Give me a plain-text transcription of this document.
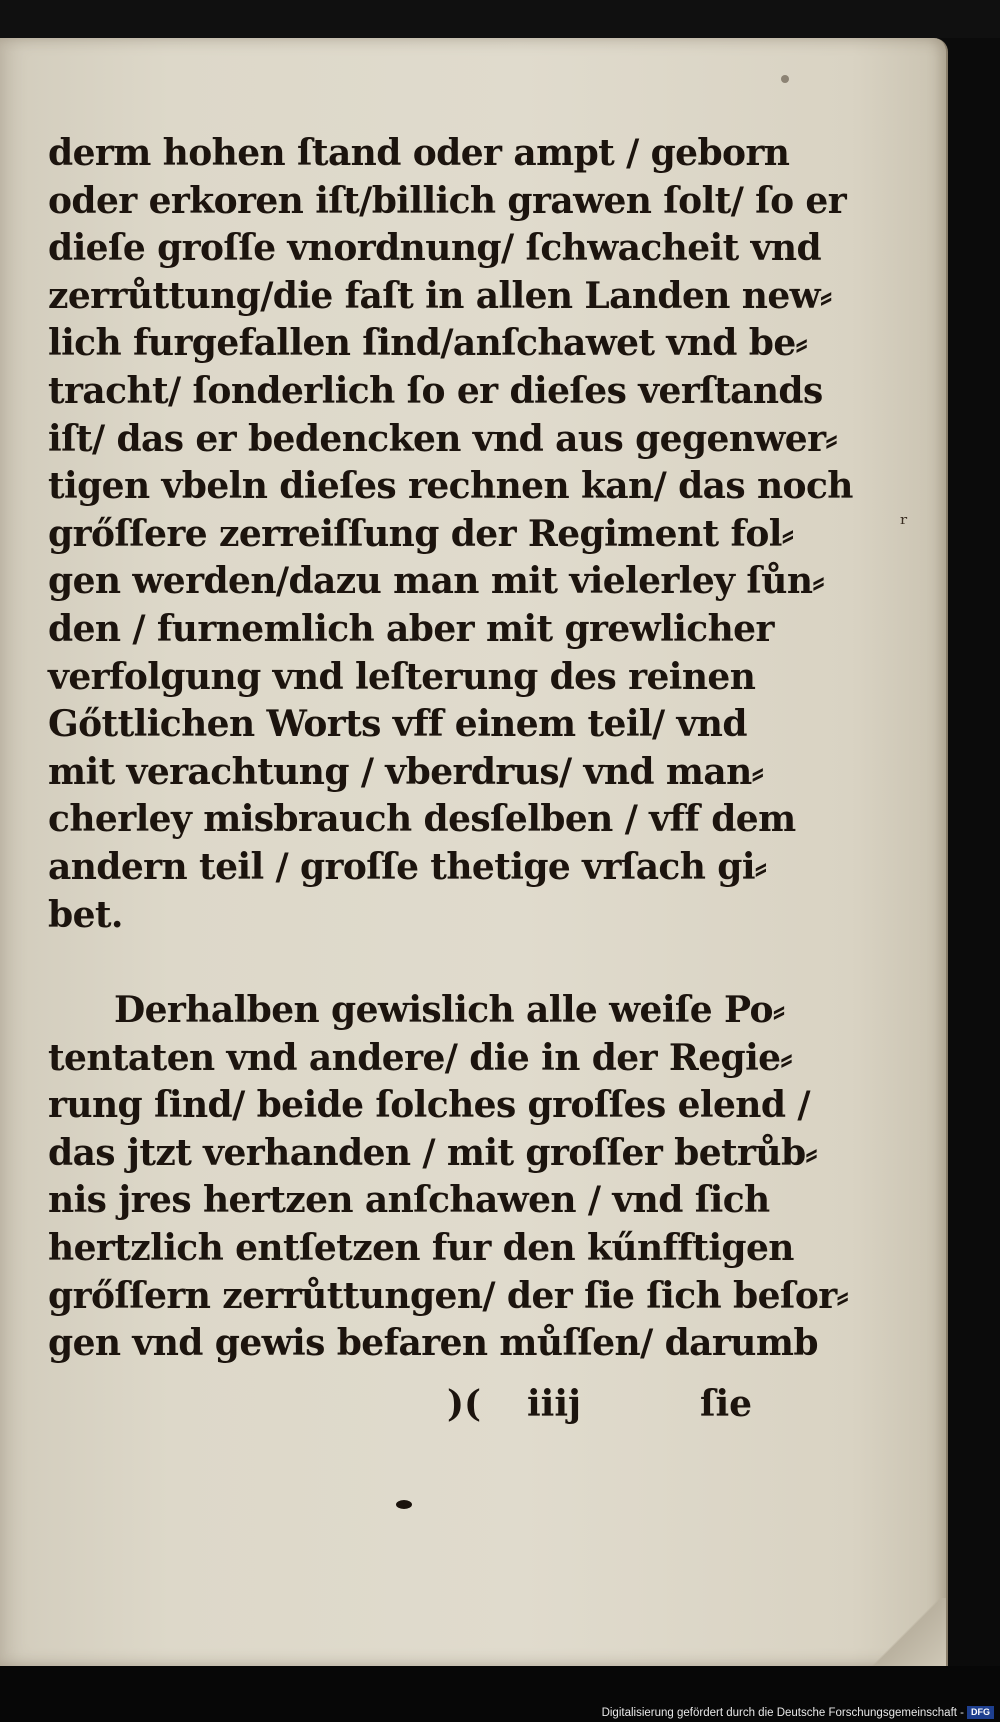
ʳ
derm hohen ſtand oder ampt / geborn
oder erkoren iſt/billich grawen ſolt/ ſo er
dieſe groſſe vnordnung/ ſchwacheit vnd
zerrůttung/die faſt in allen Landen new⸗
lich furgefallen ſind/anſchawet vnd be⸗
tracht/ ſonderlich ſo er dieſes verſtands
iſt/ das er bedencken vnd aus gegenwer⸗
tigen vbeln dieſes rechnen kan/ das noch
grőſſere zerreiſſung der Regiment fol⸗
gen werden/dazu man mit vielerley ſůn⸗
den / furnemlich aber mit grewlicher
verfolgung vnd leſterung des reinen
Gőttlichen Worts vff einem teil/ vnd
mit verachtung / vberdrus/ vnd man⸗
cherley misbrauch desſelben / vff dem
andern teil / groſſe thetige vrſach gi⸗
bet.
Derhalben gewislich alle weiſe Po⸗
tentaten vnd andere/ die in der Regie⸗
rung ſind/ beide ſolches groſſes elend /
das jtzt verhanden / mit groſſer betrůb⸗
nis jres hertzen anſchawen / vnd ſich
hertzlich entſetzen fur den kűnfftigen
grőſſern zerrůttungen/ der ſie ſich beſor⸗
gen vnd gewis befaren můſſen/ darumb
)( iiij	ſie
Digitalisierung gefördert durch die Deutsche Forschungsgemeinschaft - DFG
